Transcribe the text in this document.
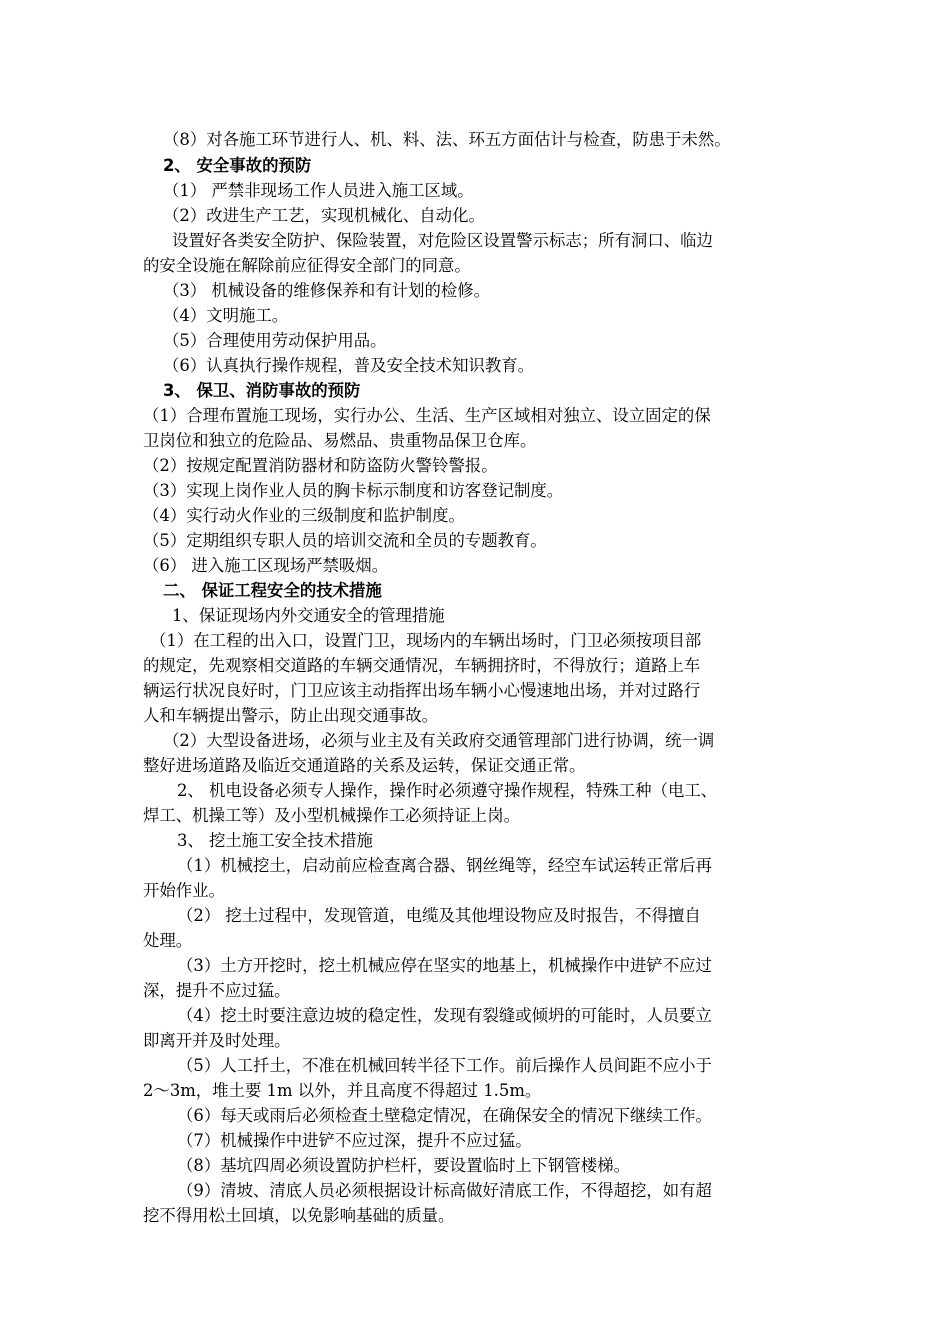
（8）对各施工环节进行人、机、料、法、环五方面估计与检查，防患于未然。
2、 安全事故的预防
（1） 严禁非现场工作人员进入施工区域。
（2）改进生产工艺，实现机械化、自动化。
设置好各类安全防护、保险装置，对危险区设置警示标志；所有洞口、临边
的安全设施在解除前应征得安全部门的同意。
（3） 机械设备的维修保养和有计划的检修。
（4）文明施工。
（5）合理使用劳动保护用品。
（6）认真执行操作规程，普及安全技术知识教育。
3、 保卫、消防事故的预防
（1）合理布置施工现场，实行办公、生活、生产区域相对独立、设立固定的保
卫岗位和独立的危险品、易燃品、贵重物品保卫仓库。
（2）按规定配置消防器材和防盗防火警铃警报。
（3）实现上岗作业人员的胸卡标示制度和访客登记制度。
（4）实行动火作业的三级制度和监护制度。
（5）定期组织专职人员的培训交流和全员的专题教育。
（6） 进入施工区现场严禁吸烟。
二、 保证工程安全的技术措施
1、保证现场内外交通安全的管理措施
（1）在工程的出入口，设置门卫，现场内的车辆出场时，门卫必须按项目部
的规定，先观察相交道路的车辆交通情况，车辆拥挤时，不得放行；道路上车
辆运行状况良好时，门卫应该主动指挥出场车辆小心慢速地出场，并对过路行
人和车辆提出警示，防止出现交通事故。
（2）大型设备进场，必须与业主及有关政府交通管理部门进行协调，统一调
整好进场道路及临近交通道路的关系及运转，保证交通正常。
2、 机电设备必须专人操作，操作时必须遵守操作规程，特殊工种（电工、
焊工、机操工等）及小型机械操作工必须持证上岗。
3、 挖土施工安全技术措施
（1）机械挖土，启动前应检查离合器、钢丝绳等，经空车试运转正常后再
开始作业。
（2） 挖土过程中，发现管道，电缆及其他埋设物应及时报告，不得擅自
处理。
（3）土方开挖时，挖土机械应停在坚实的地基上，机械操作中进铲不应过
深，提升不应过猛。
（4）挖土时要注意边坡的稳定性，发现有裂缝或倾坍的可能时，人员要立
即离开并及时处理。
（5）人工扦土，不准在机械回转半径下工作。前后操作人员间距不应小于
2～3m，堆土要 1m 以外，并且高度不得超过 1.5m。
（6）每天或雨后必须检查土壁稳定情况，在确保安全的情况下继续工作。
（7）机械操作中进铲不应过深，提升不应过猛。
（8）基坑四周必须设置防护栏杆，要设置临时上下钢管楼梯。
（9）清坡、清底人员必须根据设计标高做好清底工作，不得超挖，如有超
挖不得用松土回填，以免影响基础的质量。
